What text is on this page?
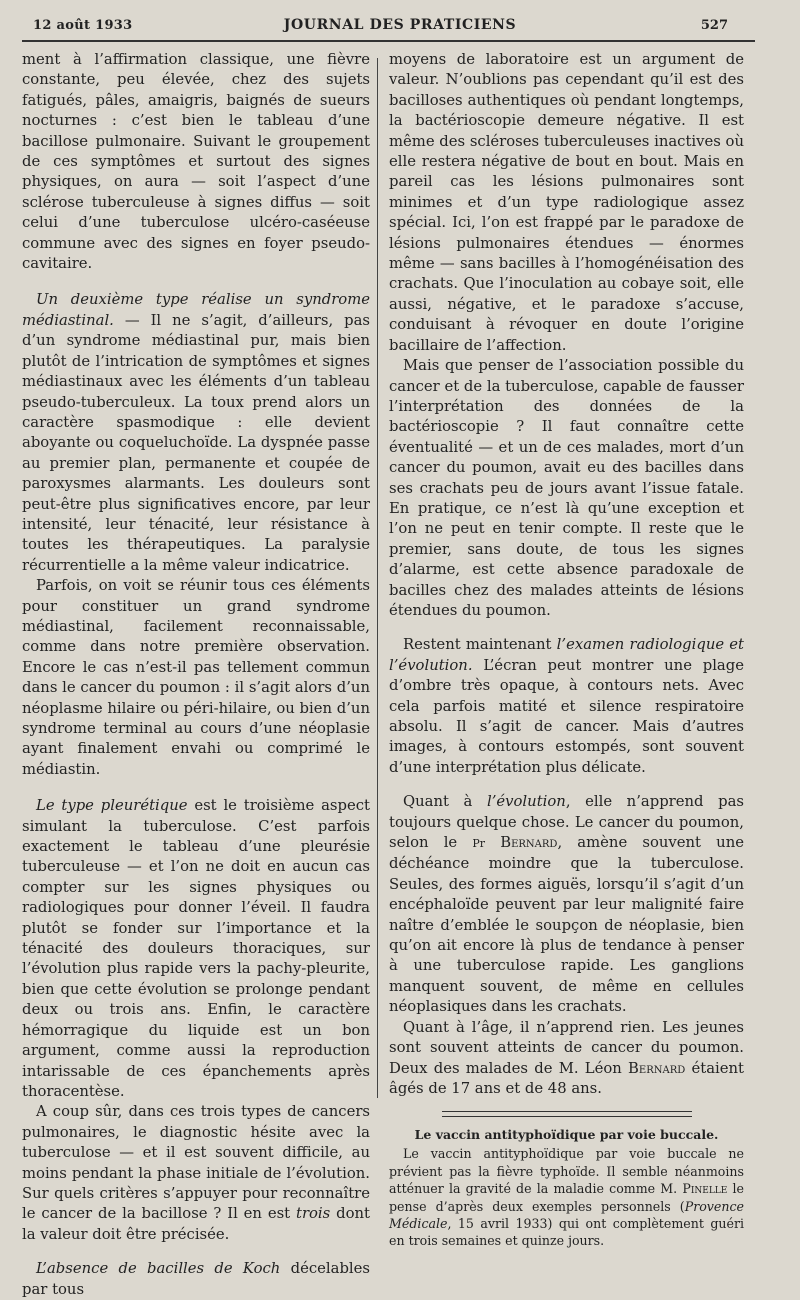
12 août 1933	JOURNAL DES PRATICIENS	527

ment à l’affirmation classique, une fièvre constante, peu élevée, chez des sujets fatigués, pâles, amaigris, baignés de sueurs nocturnes : c’est bien le tableau d’une bacillose pulmonaire. Suivant le groupement de ces symptômes et surtout des signes physiques, on aura — soit l’aspect d’une sclérose tuberculeuse à signes diffus — soit celui d’une tuberculose ulcéro-caséeuse commune avec des signes en foyer pseudo-cavitaire.

Un deuxième type réalise un syndrome médiastinal. — Il ne s’agit, d’ailleurs, pas d’un syndrome médiastinal pur, mais bien plutôt de l’intrication de symptômes et signes médiastinaux avec les éléments d’un tableau pseudo-tuberculeux. La toux prend alors un caractère spasmodique : elle devient aboyante ou coqueluchoïde. La dyspnée passe au premier plan, permanente et coupée de paroxysmes alarmants. Les douleurs sont peut-être plus significatives encore, par leur intensité, leur ténacité, leur résistance à toutes les thérapeutiques. La paralysie récurrentielle a la même valeur indicatrice.

Parfois, on voit se réunir tous ces éléments pour constituer un grand syndrome médiastinal, facilement reconnaissable, comme dans notre première observation. Encore le cas n’est-il pas tellement commun dans le cancer du poumon : il s’agit alors d’un néoplasme hilaire ou péri-hilaire, ou bien d’un syndrome terminal au cours d’une néoplasie ayant finalement envahi ou comprimé le médiastin.

Le type pleurétique est le troisième aspect simulant la tuberculose. C’est parfois exactement le tableau d’une pleurésie tuberculeuse — et l’on ne doit en aucun cas compter sur les signes physiques ou radiologiques pour donner l’éveil. Il faudra plutôt se fonder sur l’importance et la ténacité des douleurs thoraciques, sur l’évolution plus rapide vers la pachy-pleurite, bien que cette évolution se prolonge pendant deux ou trois ans. Enfin, le caractère hémorragique du liquide est un bon argument, comme aussi la reproduction intarissable de ces épanchements après thoracentèse.

A coup sûr, dans ces trois types de cancers pulmonaires, le diagnostic hésite avec la tuberculose — et il est souvent difficile, au moins pendant la phase initiale de l’évolution. Sur quels critères s’appuyer pour reconnaître le cancer de la bacillose ? Il en est trois dont la valeur doit être précisée.

L’absence de bacilles de Koch décelables par tous

moyens de laboratoire est un argument de valeur. N’oublions pas cependant qu’il est des bacilloses authentiques où pendant longtemps, la bactérioscopie demeure négative. Il est même des scléroses tuberculeuses inactives où elle restera négative de bout en bout. Mais en pareil cas les lésions pulmonaires sont minimes et d’un type radiologique assez spécial. Ici, l’on est frappé par le paradoxe de lésions pulmonaires étendues — énormes même — sans bacilles à l’homogénéisation des crachats. Que l’inoculation au cobaye soit, elle aussi, négative, et le paradoxe s’accuse, conduisant à révoquer en doute l’origine bacillaire de l’affection.

Mais que penser de l’association possible du cancer et de la tuberculose, capable de fausser l’interprétation des données de la bactérioscopie ? Il faut connaître cette éventualité — et un de ces malades, mort d’un cancer du poumon, avait eu des bacilles dans ses crachats peu de jours avant l’issue fatale. En pratique, ce n’est là qu’une exception et l’on ne peut en tenir compte. Il reste que le premier, sans doute, de tous les signes d’alarme, est cette absence paradoxale de bacilles chez des malades atteints de lésions étendues du poumon.

Restent maintenant l’examen radiologique et l’évolution. L’écran peut montrer une plage d’ombre très opaque, à contours nets. Avec cela parfois matité et silence respiratoire absolu. Il s’agit de cancer. Mais d’autres images, à contours estompés, sont souvent d’une interprétation plus délicate.

Quant à l’évolution, elle n’apprend pas toujours quelque chose. Le cancer du poumon, selon le Pr Bernard, amène souvent une déchéance moindre que la tuberculose. Seules, des formes aiguës, lorsqu’il s’agit d’un encéphaloïde peuvent par leur malignité faire naître d’emblée le soupçon de néoplasie, bien qu’on ait encore là plus de tendance à penser à une tuberculose rapide. Les ganglions manquent souvent, de même en cellules néoplasiques dans les crachats.

Quant à l’âge, il n’apprend rien. Les jeunes sont souvent atteints de cancer du poumon. Deux des malades de M. Léon Bernard étaient âgés de 17 ans et de 48 ans.

Le vaccin antityphoïdique par voie buccale.

Le vaccin antityphoïdique par voie buccale ne prévient pas la fièvre typhoïde. Il semble néanmoins atténuer la gravité de la maladie comme M. Pinelle le pense d’après deux exemples personnels (Provence Médicale, 15 avril 1933) qui ont complètement guéri en trois semaines et quinze jours.
